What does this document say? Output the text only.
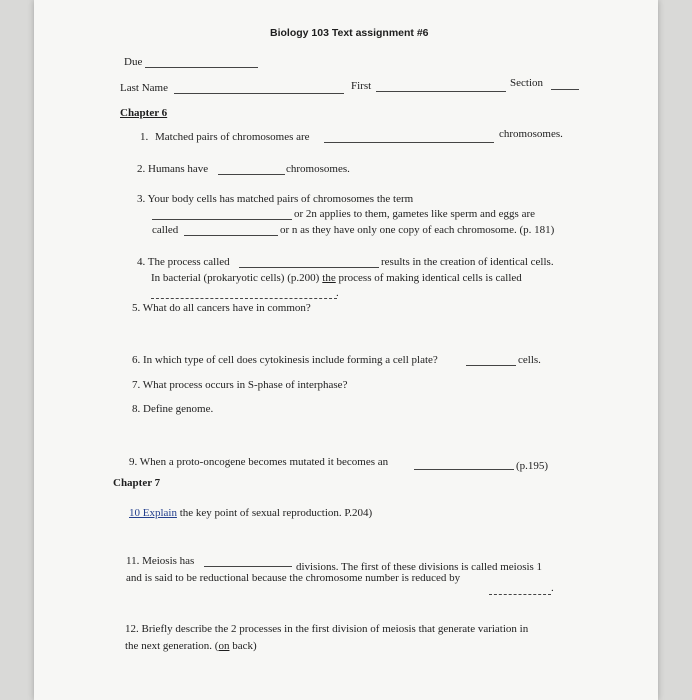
Biology 103 Text assignment #6
Due
Last Name	First	Section
Chapter 6
1. Matched pairs of chromosomes are	chromosomes.
2. Humans have	chromosomes.
3. Your body cells has matched pairs of chromosomes the term
or 2n applies to them, gametes like sperm and eggs are
called	or n as they have only one copy of each chromosome. (p. 181)
4. The process called	results in the creation of identical cells.
In bacterial (prokaryotic cells) (p.200) the process of making identical cells is called
.
5. What do all cancers have in common?
6. In which type of cell does cytokinesis include forming a cell plate?	cells.
7. What process occurs in S-phase of interphase?
8. Define genome.
9. When a proto-oncogene becomes mutated it becomes an	(p.195)
Chapter 7
10 Explain the key point of sexual reproduction. P.204)
11. Meiosis has	divisions. The first of these divisions is called meiosis 1
and is said to be reductional because the chromosome number is reduced by
.
12. Briefly describe the 2 processes in the first division of meiosis that generate variation in
the next generation. (on back)
